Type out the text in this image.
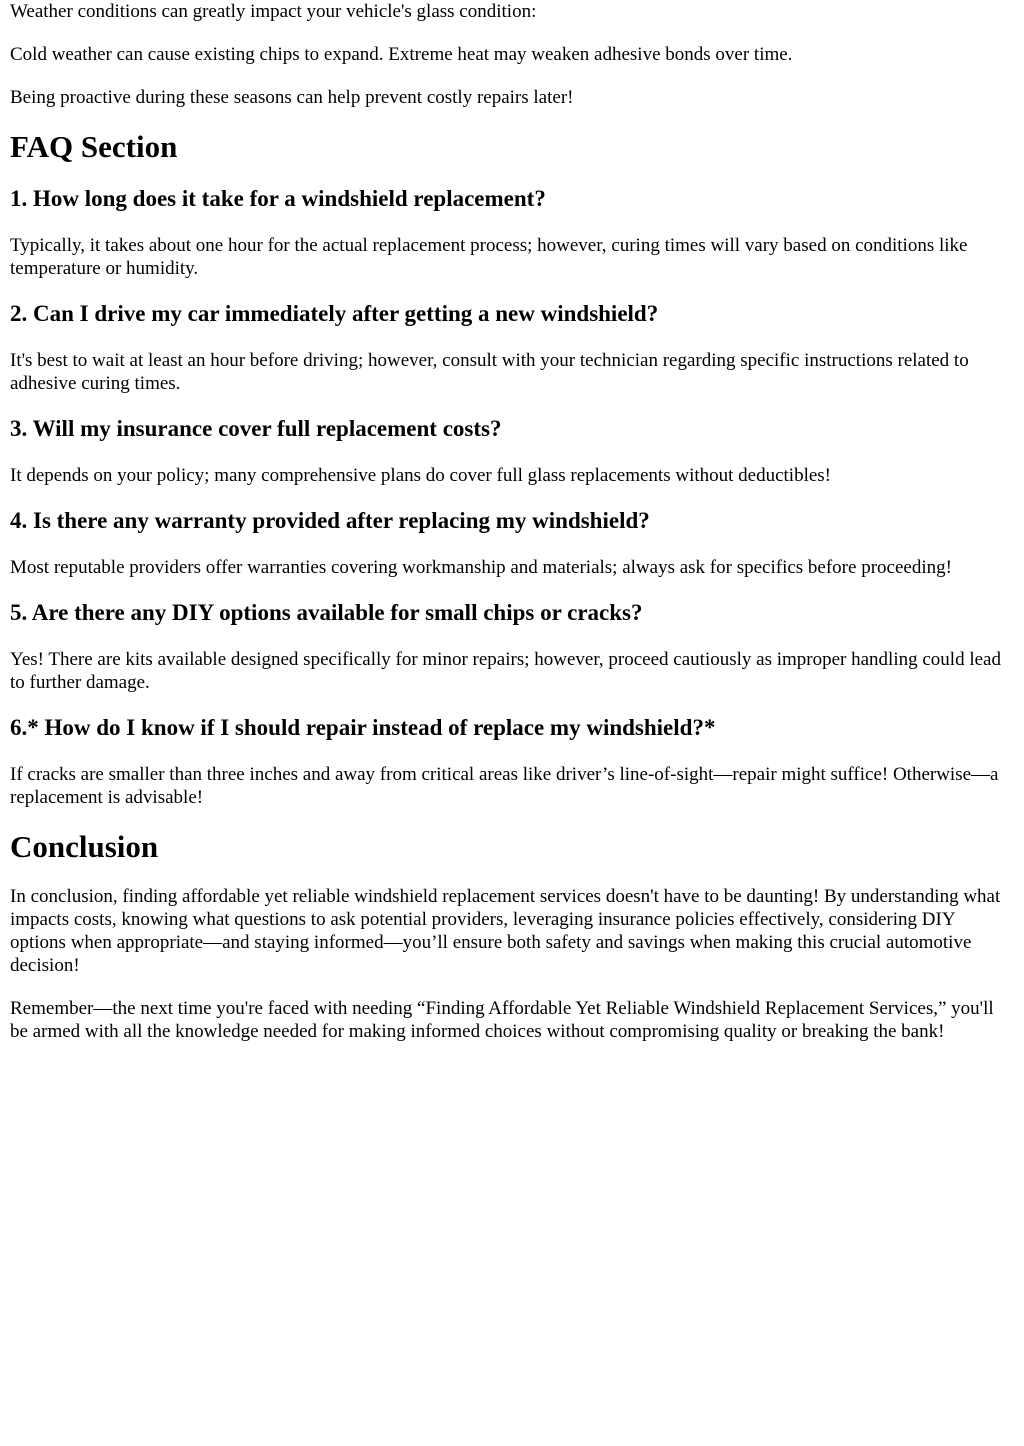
Weather conditions can greatly impact your vehicle's glass condition:

Cold weather can cause existing chips to expand. Extreme heat may weaken adhesive bonds over time.

Being proactive during these seasons can help prevent costly repairs later!

FAQ Section
1. How long does it take for a windshield replacement?

Typically, it takes about one hour for the actual replacement process; however, curing times will vary based on conditions like temperature or humidity.

2. Can I drive my car immediately after getting a new windshield?

It's best to wait at least an hour before driving; however, consult with your technician regarding specific instructions related to adhesive curing times.

3. Will my insurance cover full replacement costs?

It depends on your policy; many comprehensive plans do cover full glass replacements without deductibles!

4. Is there any warranty provided after replacing my windshield?

Most reputable providers offer warranties covering workmanship and materials; always ask for specifics before proceeding!

5. Are there any DIY options available for small chips or cracks?

Yes! There are kits available designed specifically for minor repairs; however, proceed cautiously as improper handling could lead to further damage.

6.* How do I know if I should repair instead of replace my windshield?*

If cracks are smaller than three inches and away from critical areas like driver’s line-of-sight—repair might suffice! Otherwise—a replacement is advisable!

Conclusion

In conclusion, finding affordable yet reliable windshield replacement services doesn't have to be daunting! By understanding what impacts costs, knowing what questions to ask potential providers, leveraging insurance policies effectively, considering DIY options when appropriate—and staying informed—you’ll ensure both safety and savings when making this crucial automotive decision!

Remember—the next time you're faced with needing “Finding Affordable Yet Reliable Windshield Replacement Services,” you'll be armed with all the knowledge needed for making informed choices without compromising quality or breaking the bank!
